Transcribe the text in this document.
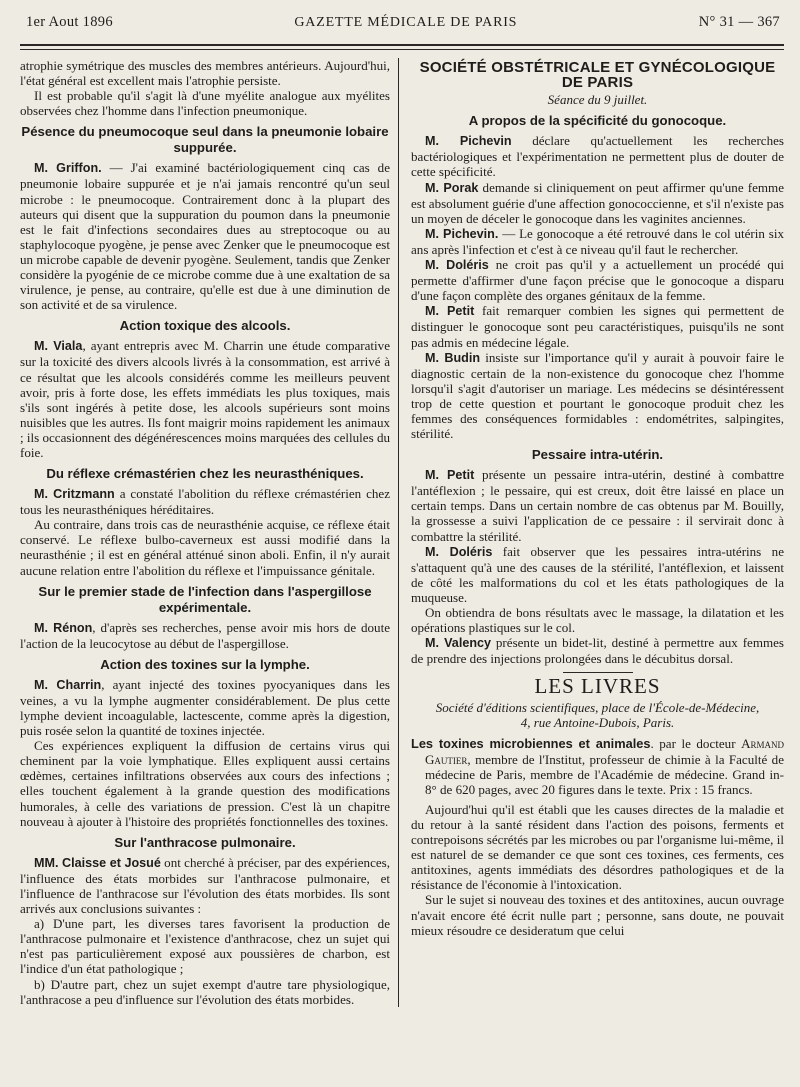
1er Aout 1896	GAZETTE MÉDICALE DE PARIS	N° 31 — 367

atrophie symétrique des muscles des membres antérieurs. Aujourd'hui, l'état général est excellent mais l'atrophie persiste.

Il est probable qu'il s'agit là d'une myélite analogue aux myélites observées chez l'homme dans l'infection pneumonique.

Pésence du pneumocoque seul dans la pneumonie lobaire suppurée.

M. Griffon. — J'ai examiné bactériologiquement cinq cas de pneumonie lobaire suppurée et je n'ai jamais rencontré qu'un seul microbe : le pneumocoque. Contrairement donc à la plupart des auteurs qui disent que la suppuration du poumon dans la pneumonie est le fait d'infections secondaires dues au streptocoque ou au staphylocoque pyogène, je pense avec Zenker que le pneumocoque est un microbe capable de devenir pyogène. Seulement, tandis que Zenker considère la pyogénie de ce microbe comme due à une exaltation de sa virulence, je pense, au contraire, qu'elle est due à une diminution de son activité et de sa virulence.

Action toxique des alcools.

M. Viala, ayant entrepris avec M. Charrin une étude comparative sur la toxicité des divers alcools livrés à la consommation, est arrivé à ce résultat que les alcools considérés comme les meilleurs peuvent avoir, pris à forte dose, les effets immédiats les plus toxiques, mais s'ils sont ingérés à petite dose, les alcools supérieurs sont moins nuisibles que les autres. Ils font maigrir moins rapidement les animaux ; ils occasionnent des dégénérescences moins marquées des cellules du foie.

Du réflexe crémastérien chez les neurasthéniques.

M. Critzmann a constaté l'abolition du réflexe crémastérien chez tous les neurasthéniques héréditaires.

Au contraire, dans trois cas de neurasthénie acquise, ce réflexe était conservé. Le réflexe bulbo-caverneux est aussi modifié dans la neurasthénie ; il est en général atténué sinon aboli. Enfin, il n'y aurait aucune relation entre l'abolition du réflexe et l'impuissance génitale.

Sur le premier stade de l'infection dans l'aspergillose expérimentale.

M. Rénon, d'après ses recherches, pense avoir mis hors de doute l'action de la leucocytose au début de l'aspergillose.

Action des toxines sur la lymphe.

M. Charrin, ayant injecté des toxines pyocyaniques dans les veines, a vu la lymphe augmenter considérablement. De plus cette lymphe devient incoagulable, lactescente, comme après la digestion, puis rosée selon la quantité de toxines injectée.

Ces expériences expliquent la diffusion de certains virus qui cheminent par la voie lymphatique. Elles expliquent aussi certains œdèmes, certaines infiltrations observées aux cours des infections ; elles touchent également à la grande question des modifications humorales, à celle des variations de pression. C'est là un chapitre nouveau à ajouter à l'histoire des propriétés fonctionnelles des toxines.

Sur l'anthracose pulmonaire.

MM. Claisse et Josué ont cherché à préciser, par des expériences, l'influence des états morbides sur l'anthracose pulmonaire, et l'influence de l'anthracose sur l'évolution des états morbides. Ils sont arrivés aux conclusions suivantes :

a) D'une part, les diverses tares favorisent la production de l'anthracose pulmonaire et l'existence d'anthracose, chez un sujet qui n'est pas particulièrement exposé aux poussières de charbon, est l'indice d'un état pathologique ;

b) D'autre part, chez un sujet exempt d'autre tare physiologique, l'anthracose a peu d'influence sur l'évolution des états morbides.

SOCIÉTÉ OBSTÉTRICALE ET GYNÉCOLOGIQUE DE PARIS
Séance du 9 juillet.
A propos de la spécificité du gonocoque.

M. Pichevin déclare qu'actuellement les recherches bactériologiques et l'expérimentation ne permettent plus de douter de cette spécificité.

M. Porak demande si cliniquement on peut affirmer qu'une femme est absolument guérie d'une affection gonococcienne, et s'il n'existe pas un moyen de déceler le gonocoque dans les vaginites anciennes.

M. Pichevin. — Le gonocoque a été retrouvé dans le col utérin six ans après l'infection et c'est à ce niveau qu'il faut le rechercher.

M. Doléris ne croit pas qu'il y a actuellement un procédé qui permette d'affirmer d'une façon précise que le gonocoque a disparu d'une façon complète des organes génitaux de la femme.

M. Petit fait remarquer combien les signes qui permettent de distinguer le gonocoque sont peu caractéristiques, puisqu'ils ne sont pas admis en médecine légale.

M. Budin insiste sur l'importance qu'il y aurait à pouvoir faire le diagnostic certain de la non-existence du gonocoque chez l'homme lorsqu'il s'agit d'autoriser un mariage. Les médecins se désintéressent trop de cette question et pourtant le gonocoque produit chez les femmes des conséquences formidables : endométrites, salpingites, stérilité.

Pessaire intra-utérin.

M. Petit présente un pessaire intra-utérin, destiné à combattre l'antéflexion ; le pessaire, qui est creux, doit être laissé en place un certain temps. Dans un certain nombre de cas obtenus par M. Bouilly, la grossesse a suivi l'application de ce pessaire : il servirait donc à combattre la stérilité.

M. Doléris fait observer que les pessaires intra-utérins ne s'attaquent qu'à une des causes de la stérilité, l'antéflexion, et laissent de côté les malformations du col et les états pathologiques de la muqueuse.

On obtiendra de bons résultats avec le massage, la dilatation et les opérations plastiques sur le col.

M. Valency présente un bidet-lit, destiné à permettre aux femmes de prendre des injections prolongées dans le décubitus dorsal.

LES LIVRES
Société d'éditions scientifiques, place de l'École-de-Médecine,
4, rue Antoine-Dubois, Paris.

Les toxines microbiennes et animales. par le docteur Armand Gautier, membre de l'Institut, professeur de chimie à la Faculté de médecine de Paris, membre de l'Académie de médecine. Grand in-8° de 620 pages, avec 20 figures dans le texte. Prix : 15 francs.

Aujourd'hui qu'il est établi que les causes directes de la maladie et du retour à la santé résident dans l'action des poisons, ferments et contrepoisons sécrétés par les microbes ou par l'organisme lui-même, il est naturel de se demander ce que sont ces toxines, ces ferments, ces antitoxines, agents immédiats des désordres pathologiques et de la résistance de l'économie à l'intoxication.

Sur le sujet si nouveau des toxines et des antitoxines, aucun ouvrage n'avait encore été écrit nulle part ; personne, sans doute, ne pouvait mieux résoudre ce desideratum que celui
